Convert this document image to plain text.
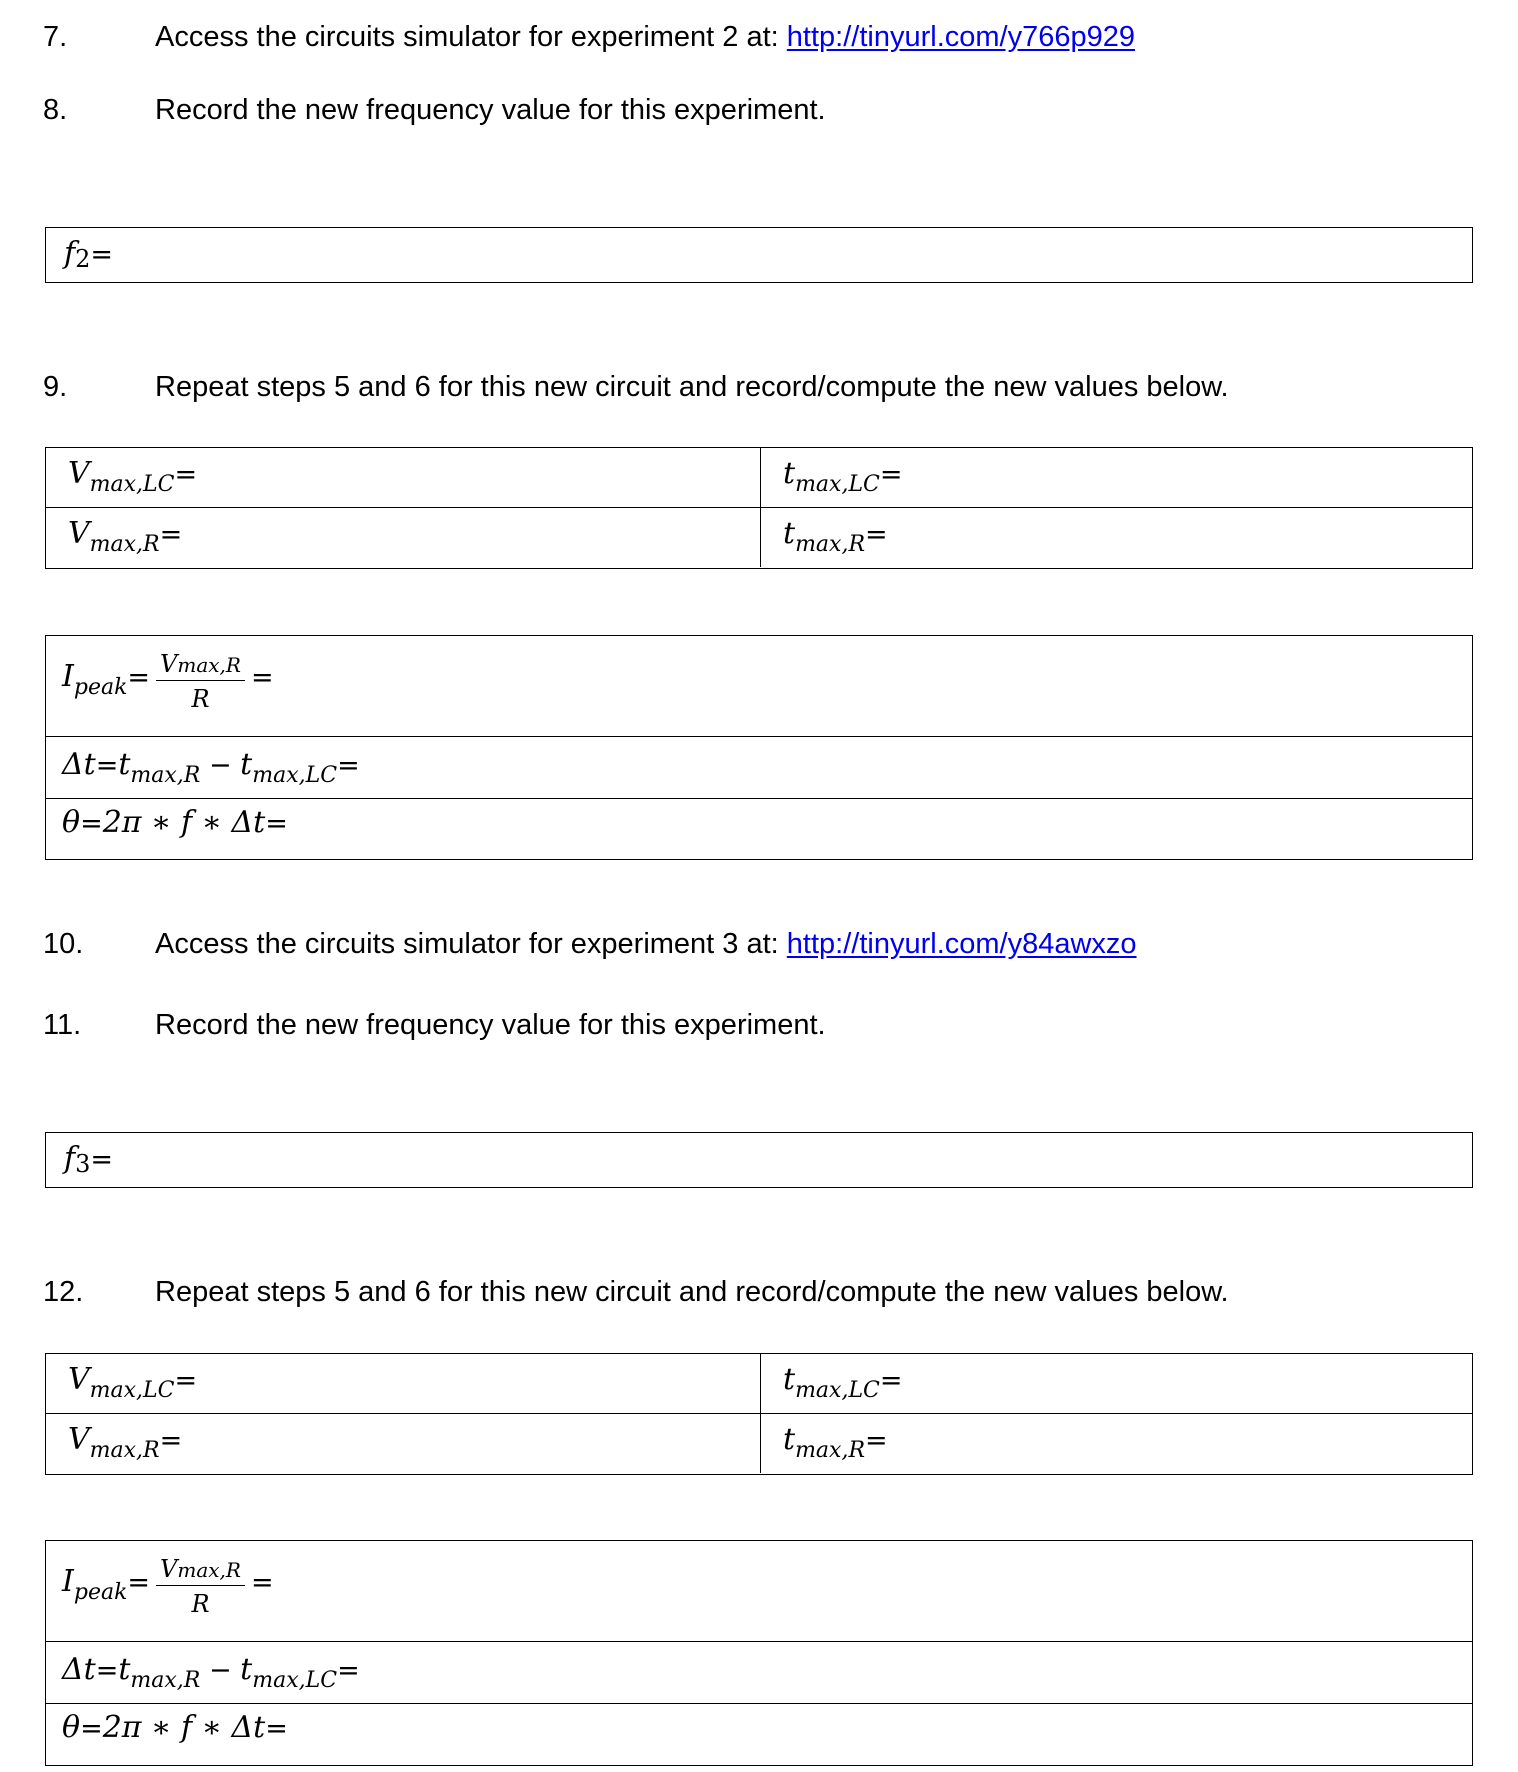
7.	Access the circuits simulator for experiment 2 at: http://tinyurl.com/y766p929
8.	Record the new frequency value for this experiment.
f2=
9.	Repeat steps 5 and 6 for this new circuit and record/compute the new values below.
Vmax,LC=	tmax,LC=
Vmax,R=	tmax,R=
Ipeak= $\frac{Vmax,R}{R}$ =
Δt=tmax,R − tmax,LC=
θ=2π ∗ f ∗ Δt=
10. Access the circuits simulator for experiment 3 at: http://tinyurl.com/y84awxzo
11.	Record the new frequency value for this experiment.
f3=
12. Repeat steps 5 and 6 for this new circuit and record/compute the new values below.
Vmax,LC=	tmax,LC=
Vmax,R=	tmax,R=
Ipeak= $\frac{Vmax,R}{R}$ =
Δt=tmax,R − tmax,LC=
θ=2π ∗ f ∗ Δt=
